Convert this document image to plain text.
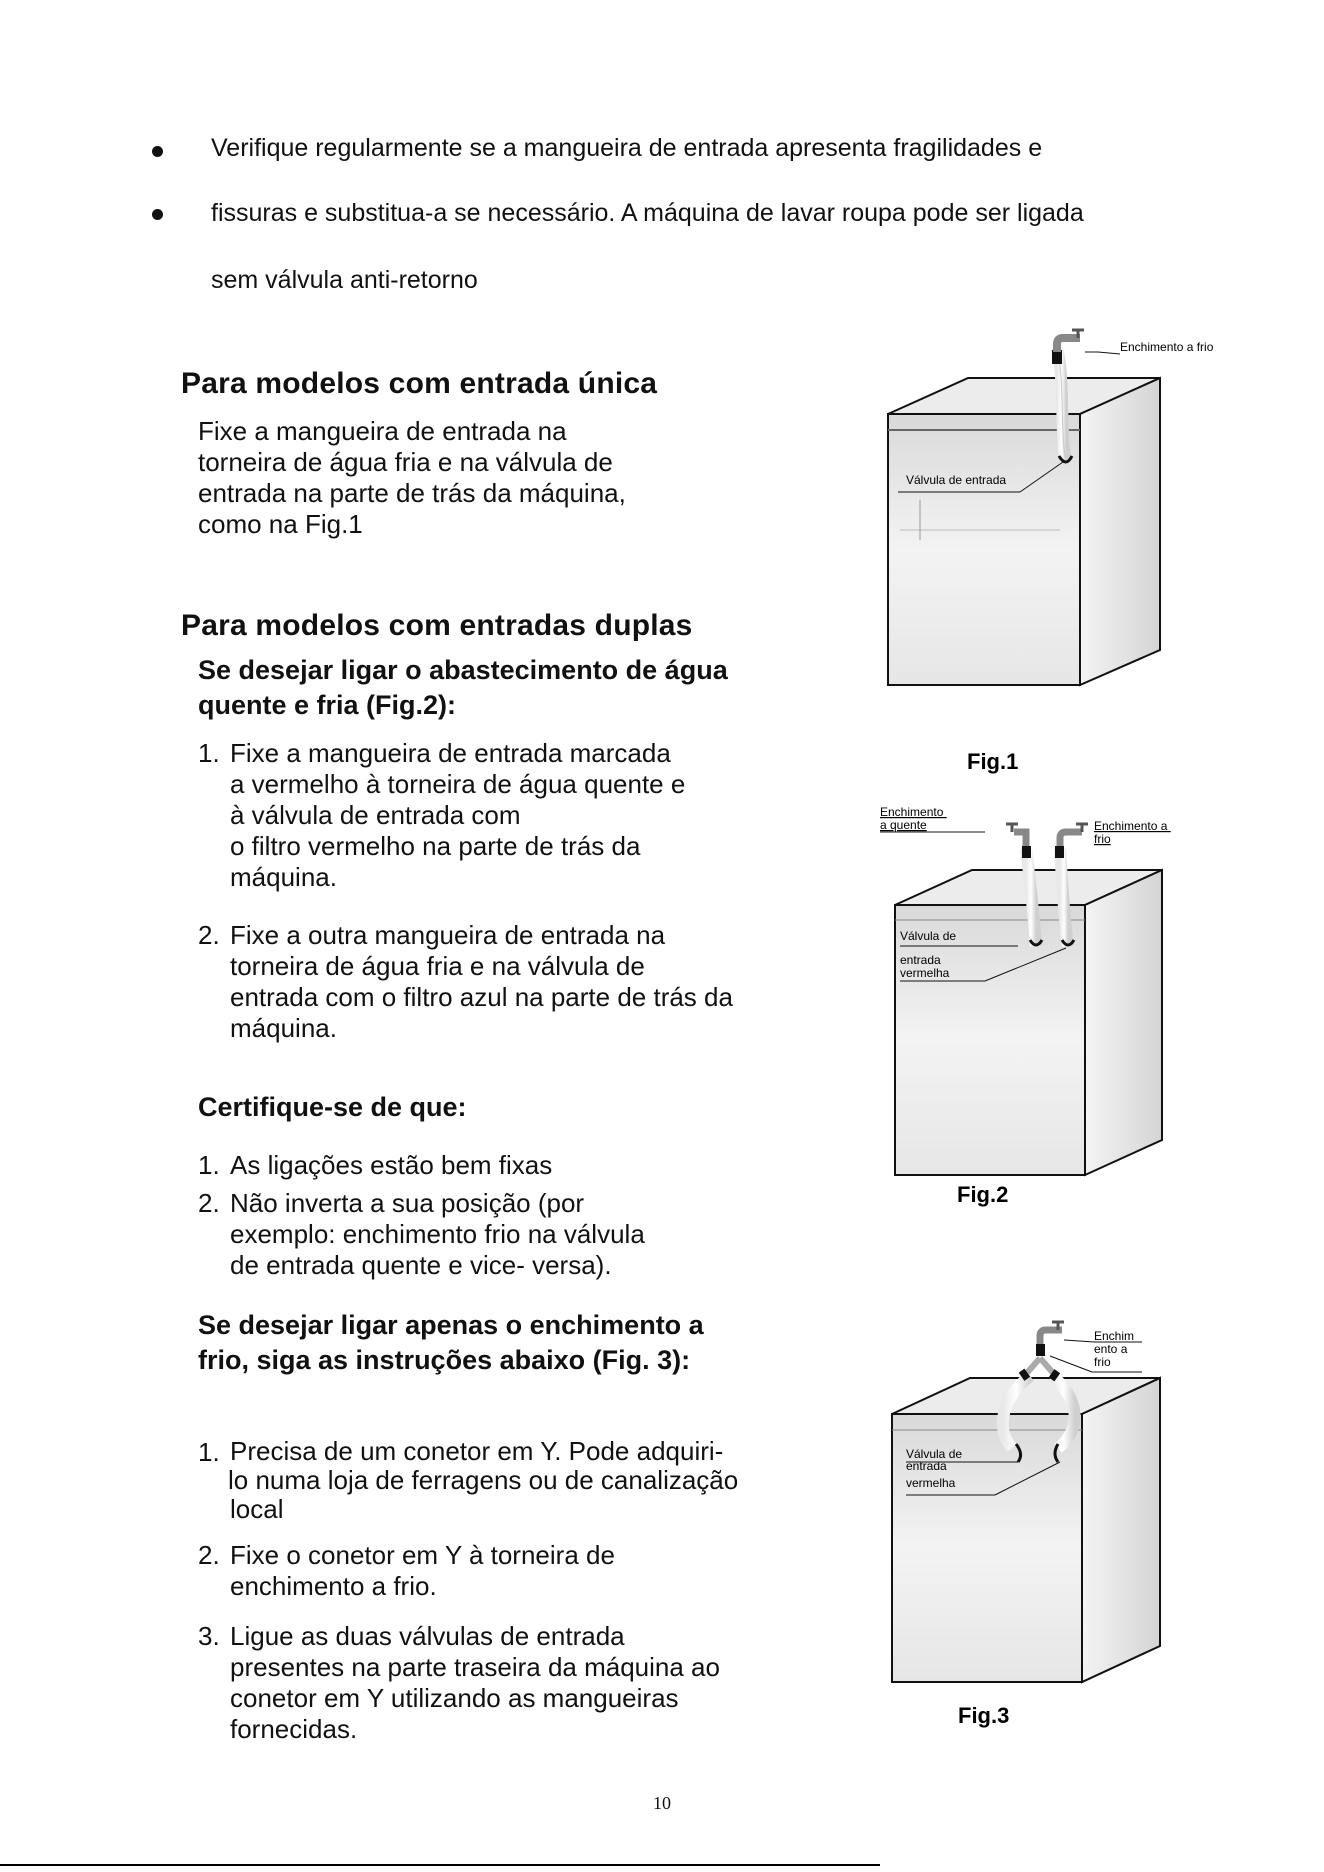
Verifique regularmente se a mangueira de entrada apresenta fragilidades e
fissuras e substitua-a se necessário. A máquina de lavar roupa pode ser ligada
sem válvula anti-retorno
Para modelos com entrada única
Fixe a mangueira de entrada na
torneira de água fria e na válvula de
entrada na parte de trás da máquina,
como na Fig.1
Para modelos com entradas duplas
Se desejar ligar o abastecimento de água
quente e fria (Fig.2):
1. Fixe a mangueira de entrada marcada
a vermelho à torneira de água quente e
à válvula de entrada com
o filtro vermelho na parte de trás da
máquina.
2. Fixe a outra mangueira de entrada na
torneira de água fria e na válvula de
entrada com o filtro azul na parte de trás da
máquina.
Certifique-se de que:
1. As ligações estão bem fixas
2. Não inverta a sua posição (por
exemplo: enchimento frio na válvula
de entrada quente e vice- versa).
Se desejar ligar apenas o enchimento a
frio, siga as instruções abaixo (Fig. 3):
1. Precisa de um conetor em Y. Pode adquiri-
lo numa loja de ferragens ou de canalização
local
2. Fixe o conetor em Y à torneira de
enchimento a frio.
3. Ligue as duas válvulas de entrada
presentes na parte traseira da máquina ao
conetor em Y utilizando as mangueiras
fornecidas.
Enchimento a frio
Válvula de entrada
Fig.1
Enchimento a quente	Enchimento a frio
Válvula de entrada vermelha
Fig.2
Enchim ento a frio
Válvula de entrada vermelha
Fig.3
10
